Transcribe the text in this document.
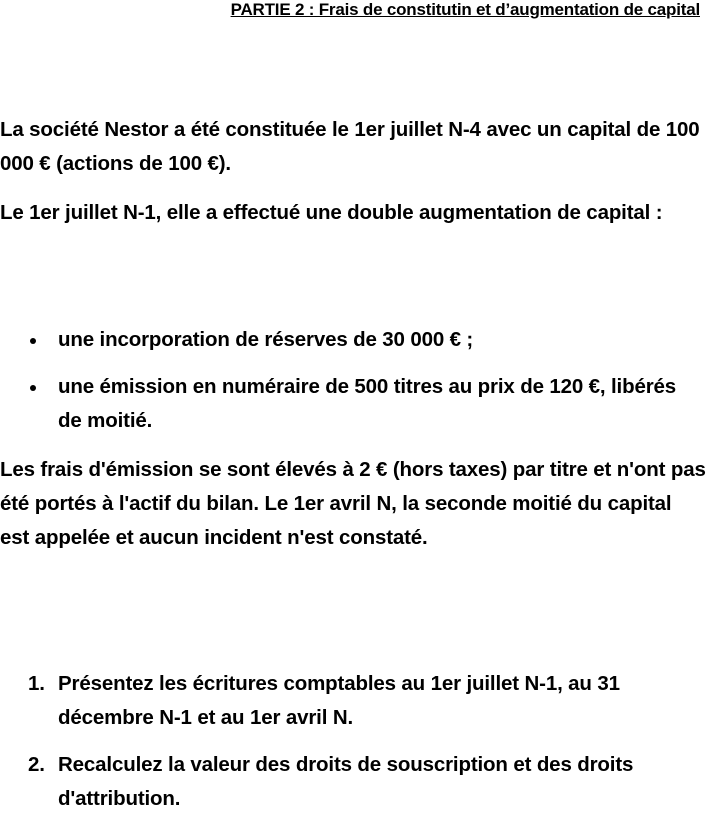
PARTIE 2 : Frais de constitutin et d’augmentation de capital

La société Nestor a été constituée le 1er juillet N-4 avec un capital de 100 000 € (actions de 100 €).

Le 1er juillet N-1, elle a effectué une double augmentation de capital :

une incorporation de réserves de 30 000 € ;
une émission en numéraire de 500 titres au prix de 120 €, libérés de moitié.

Les frais d'émission se sont élevés à 2 € (hors taxes) par titre et n'ont pas été portés à l'actif du bilan. Le 1er avril N, la seconde moitié du capital est appelée et aucun incident n'est constaté.

1. Présentez les écritures comptables au 1er juillet N-1, au 31 décembre N-1 et au 1er avril N.
2. Recalculez la valeur des droits de souscription et des droits d'attribution.
